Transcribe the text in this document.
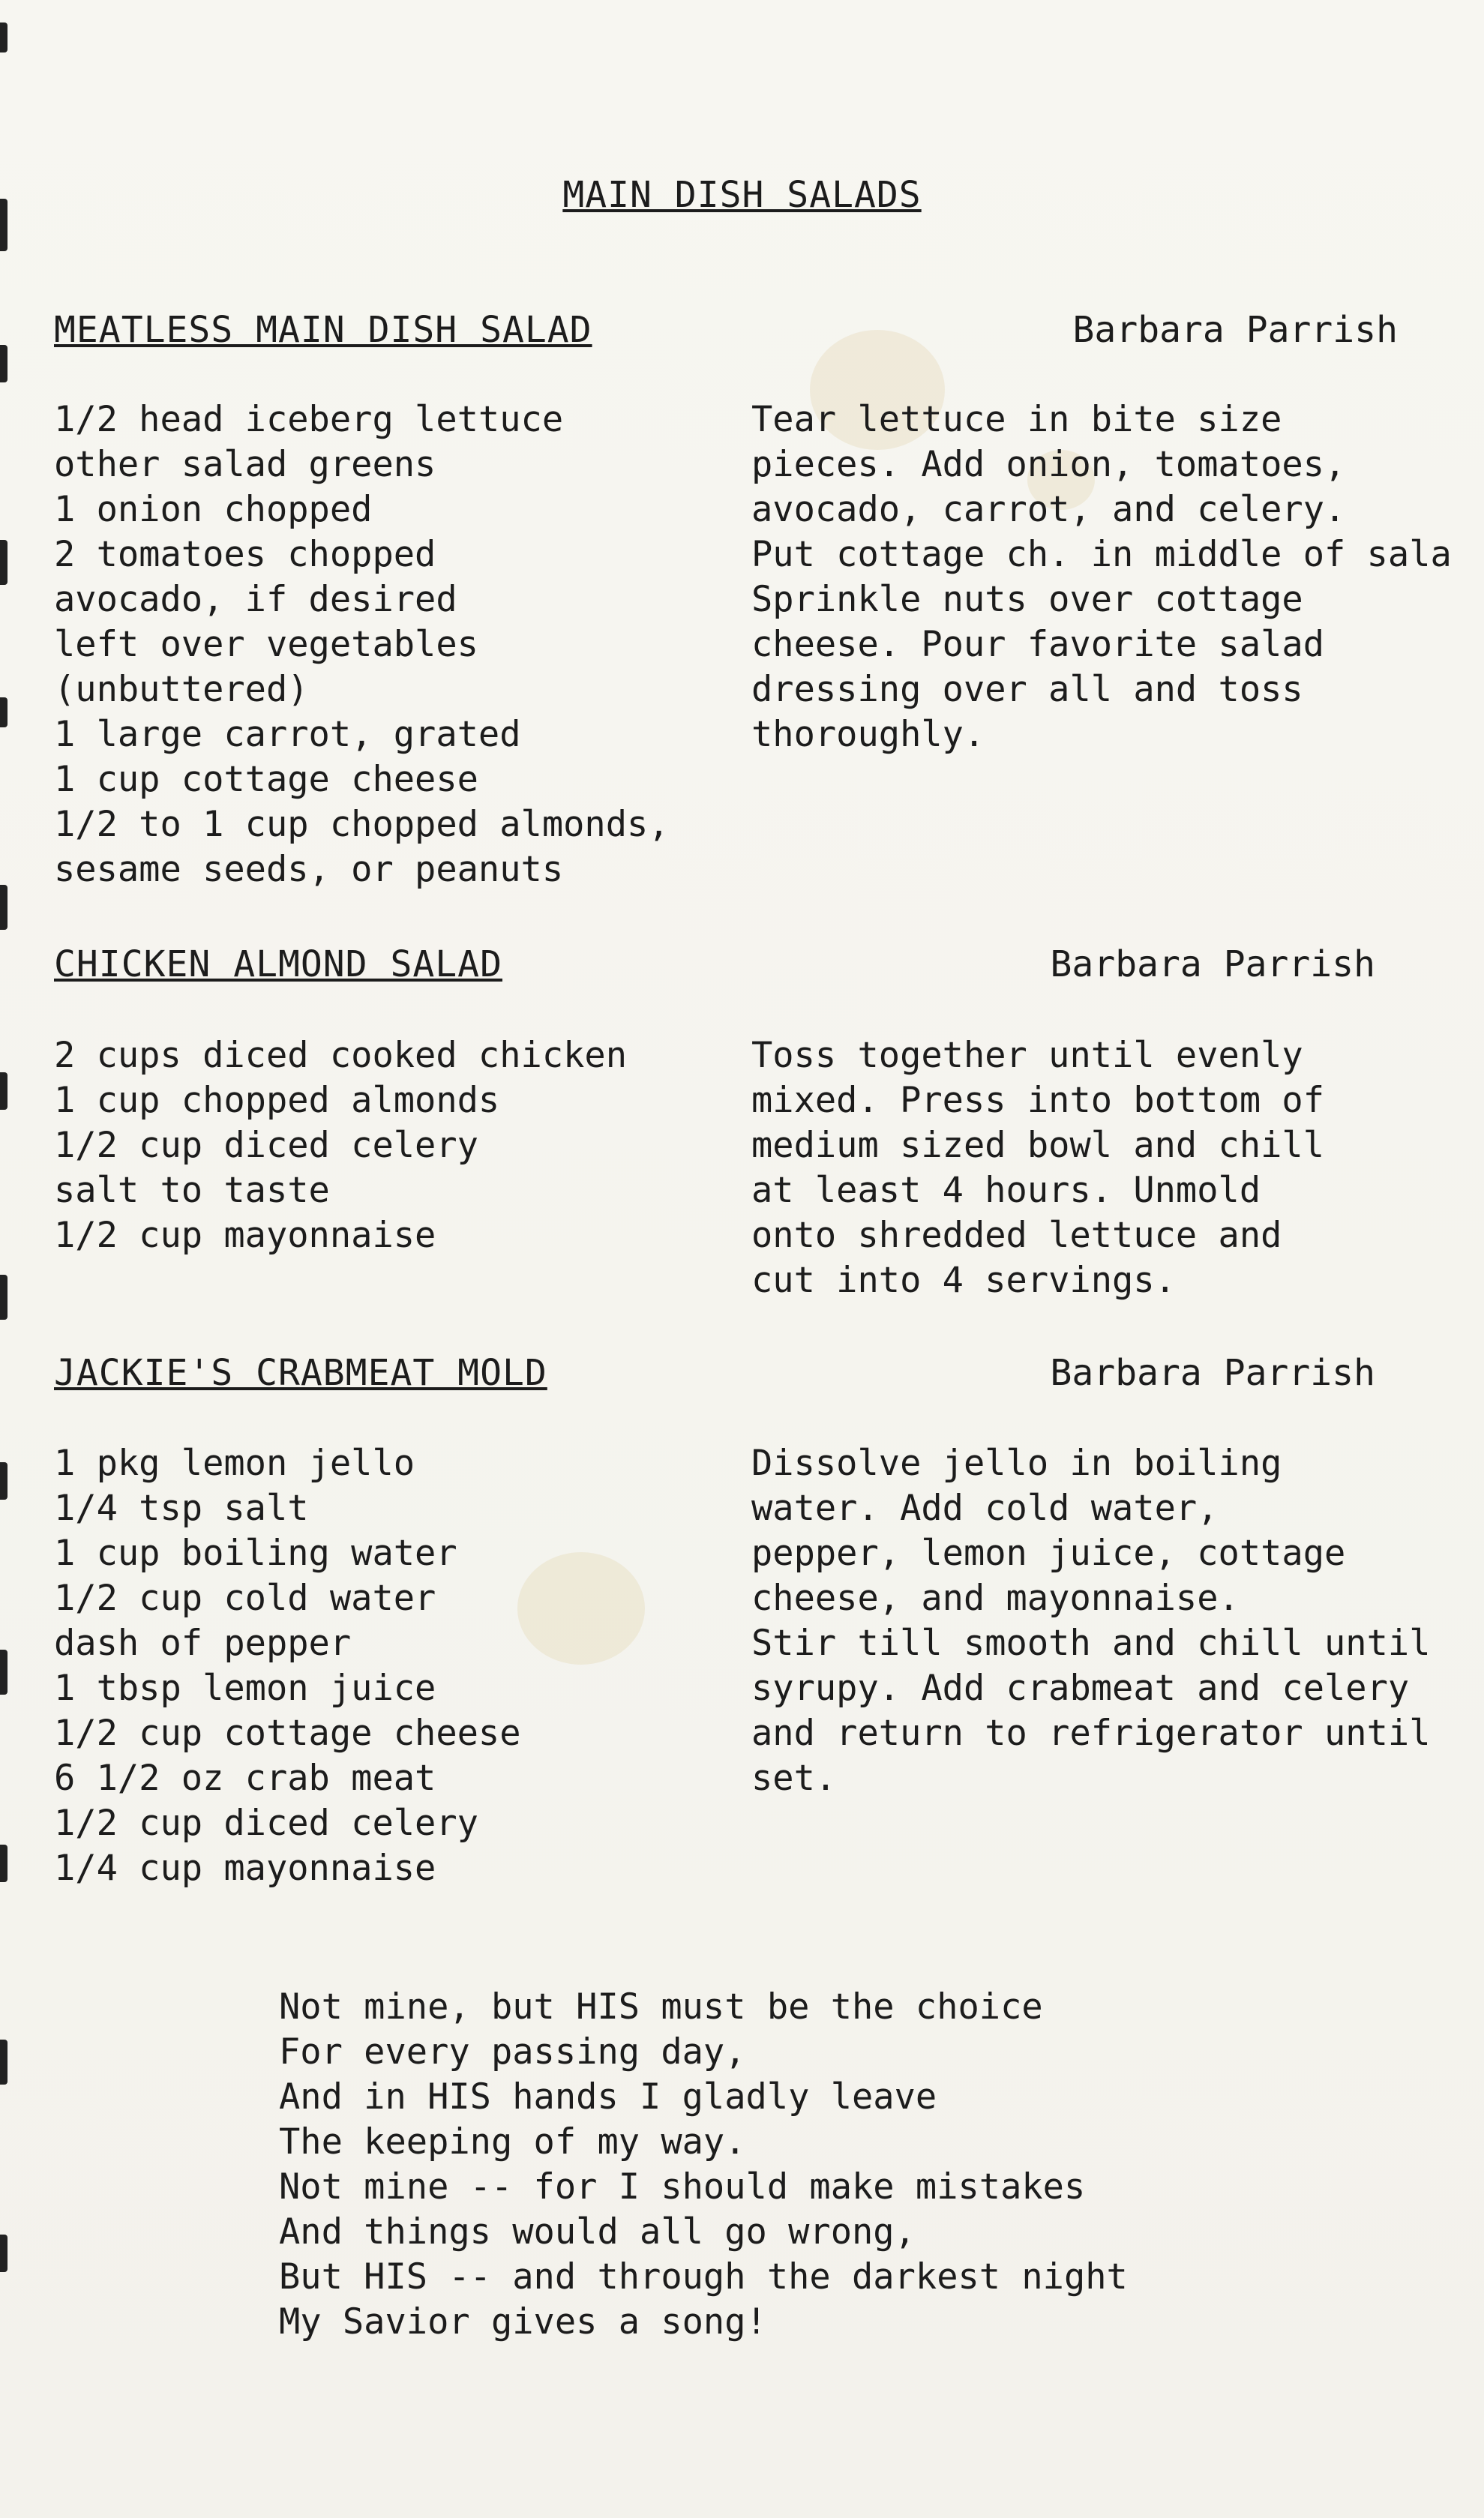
MAIN DISH SALADS
MEATLESS MAIN DISH SALAD	Barbara Parrish
1/2 head iceberg lettuce
other salad greens
1 onion chopped
2 tomatoes chopped
avocado, if desired
left over vegetables
(unbuttered)
1 large carrot, grated
1 cup cottage cheese
1/2 to 1 cup chopped almonds,
sesame seeds, or peanuts
Tear lettuce in bite size
pieces. Add onion, tomatoes,
avocado, carrot, and celery.
Put cottage ch. in middle of sala
Sprinkle nuts over cottage
cheese. Pour favorite salad
dressing over all and toss
thoroughly.
CHICKEN ALMOND SALAD	Barbara Parrish
2 cups diced cooked chicken
1 cup chopped almonds
1/2 cup diced celery
salt to taste
1/2 cup mayonnaise
Toss together until evenly
mixed. Press into bottom of
medium sized bowl and chill
at least 4 hours. Unmold
onto shredded lettuce and
cut into 4 servings.
JACKIE'S CRABMEAT MOLD	Barbara Parrish
1 pkg lemon jello
1/4 tsp salt
1 cup boiling water
1/2 cup cold water
dash of pepper
1 tbsp lemon juice
1/2 cup cottage cheese
6 1/2 oz crab meat
1/2 cup diced celery
1/4 cup mayonnaise
Dissolve jello in boiling
water. Add cold water,
pepper, lemon juice, cottage
cheese, and mayonnaise.
Stir till smooth and chill until
syrupy. Add crabmeat and celery
and return to refrigerator until
set.
Not mine, but HIS must be the choice
For every passing day,
And in HIS hands I gladly leave
The keeping of my way.
Not mine -- for I should make mistakes
And things would all go wrong,
But HIS -- and through the darkest night
My Savior gives a song!
